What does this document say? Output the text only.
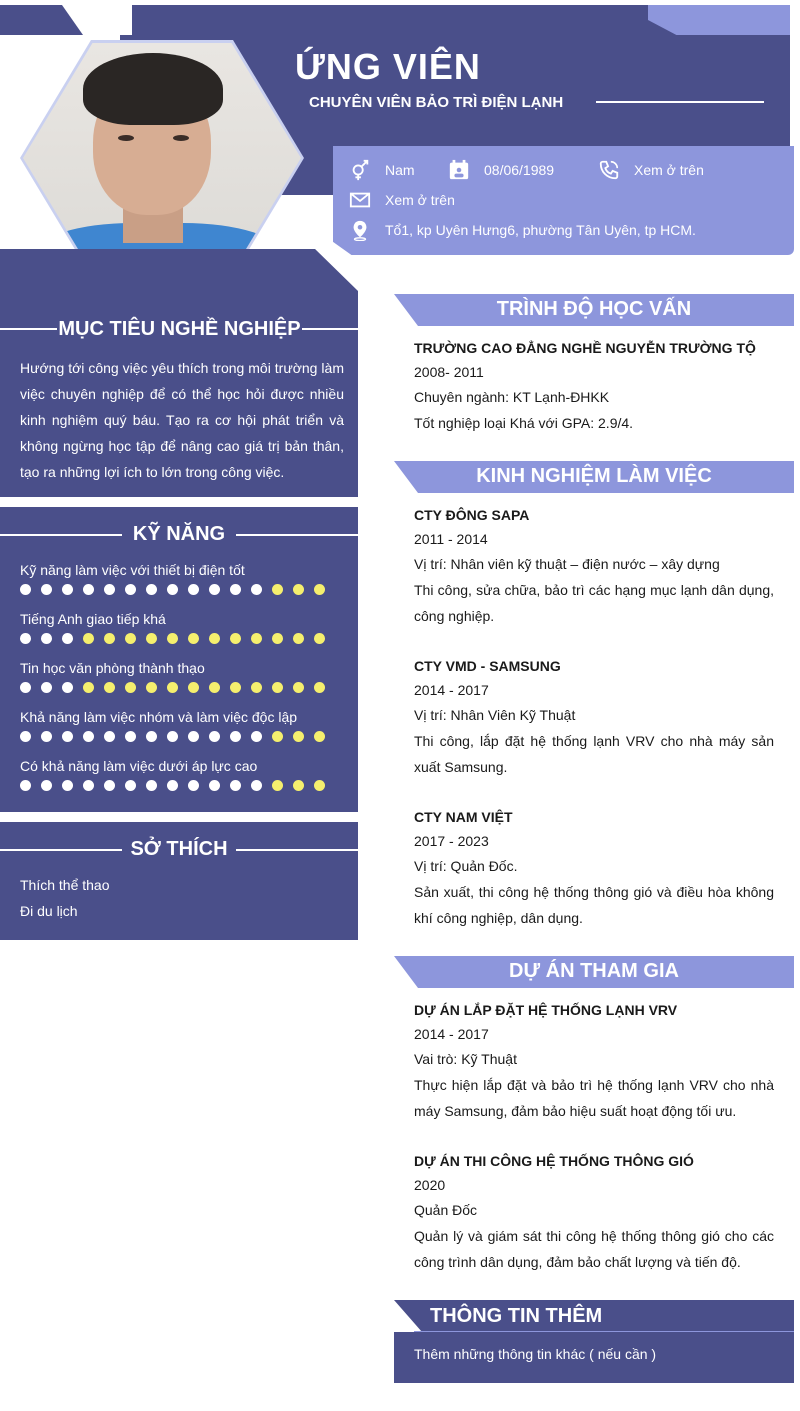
ỨNG VIÊN
CHUYÊN VIÊN BẢO TRÌ ĐIỆN LẠNH
Nam	08/06/1989	Xem ở trên
Xem ở trên
Tổ1, kp Uyên Hưng6, phường Tân Uyên, tp HCM.
MỤC TIÊU NGHỀ NGHIỆP
Hướng tới công việc yêu thích trong môi trường làm việc chuyên nghiệp để có thể học hỏi được nhiều kinh nghiệm quý báu. Tạo ra cơ hội phát triển và không ngừng học tập để nâng cao giá trị bản thân, tạo ra những lợi ích to lớn trong công việc.
KỸ NĂNG
Kỹ năng làm việc với thiết bị điện tốt
Tiếng Anh giao tiếp khá
Tin học văn phòng thành thạo
Khả năng làm việc nhóm và làm việc độc lập
Có khả năng làm việc dưới áp lực cao
SỞ THÍCH
Thích thể thao
Đi du lịch
TRÌNH ĐỘ HỌC VẤN
TRƯỜNG CAO ĐẲNG NGHỀ NGUYỄN TRƯỜNG TỘ
2008- 2011
Chuyên ngành: KT Lạnh-ĐHKK
Tốt nghiệp loại Khá với GPA: 2.9/4.
KINH NGHIỆM LÀM VIỆC
CTY ĐÔNG SAPA
2011 - 2014
Vị trí: Nhân viên kỹ thuật – điện nước – xây dựng
Thi công, sửa chữa, bảo trì các hạng mục lạnh dân dụng, công nghiệp.
CTY VMD - SAMSUNG
2014 - 2017
Vị trí: Nhân Viên Kỹ Thuật
Thi công, lắp đặt hệ thống lạnh VRV cho nhà máy sản xuất Samsung.
CTY NAM VIỆT
2017 - 2023
Vị trí: Quản Đốc.
Sản xuất, thi công hệ thống thông gió và điều hòa không khí công nghiệp, dân dụng.
DỰ ÁN THAM GIA
DỰ ÁN LẮP ĐẶT HỆ THỐNG LẠNH VRV
2014 - 2017
Vai trò: Kỹ Thuật
Thực hiện lắp đặt và bảo trì hệ thống lạnh VRV cho nhà máy Samsung, đảm bảo hiệu suất hoạt động tối ưu.
DỰ ÁN THI CÔNG HỆ THỐNG THÔNG GIÓ
2020
Quản Đốc
Quản lý và giám sát thi công hệ thống thông gió cho các công trình dân dụng, đảm bảo chất lượng và tiến độ.
THÔNG TIN THÊM
Thêm những thông tin khác ( nếu cần )
